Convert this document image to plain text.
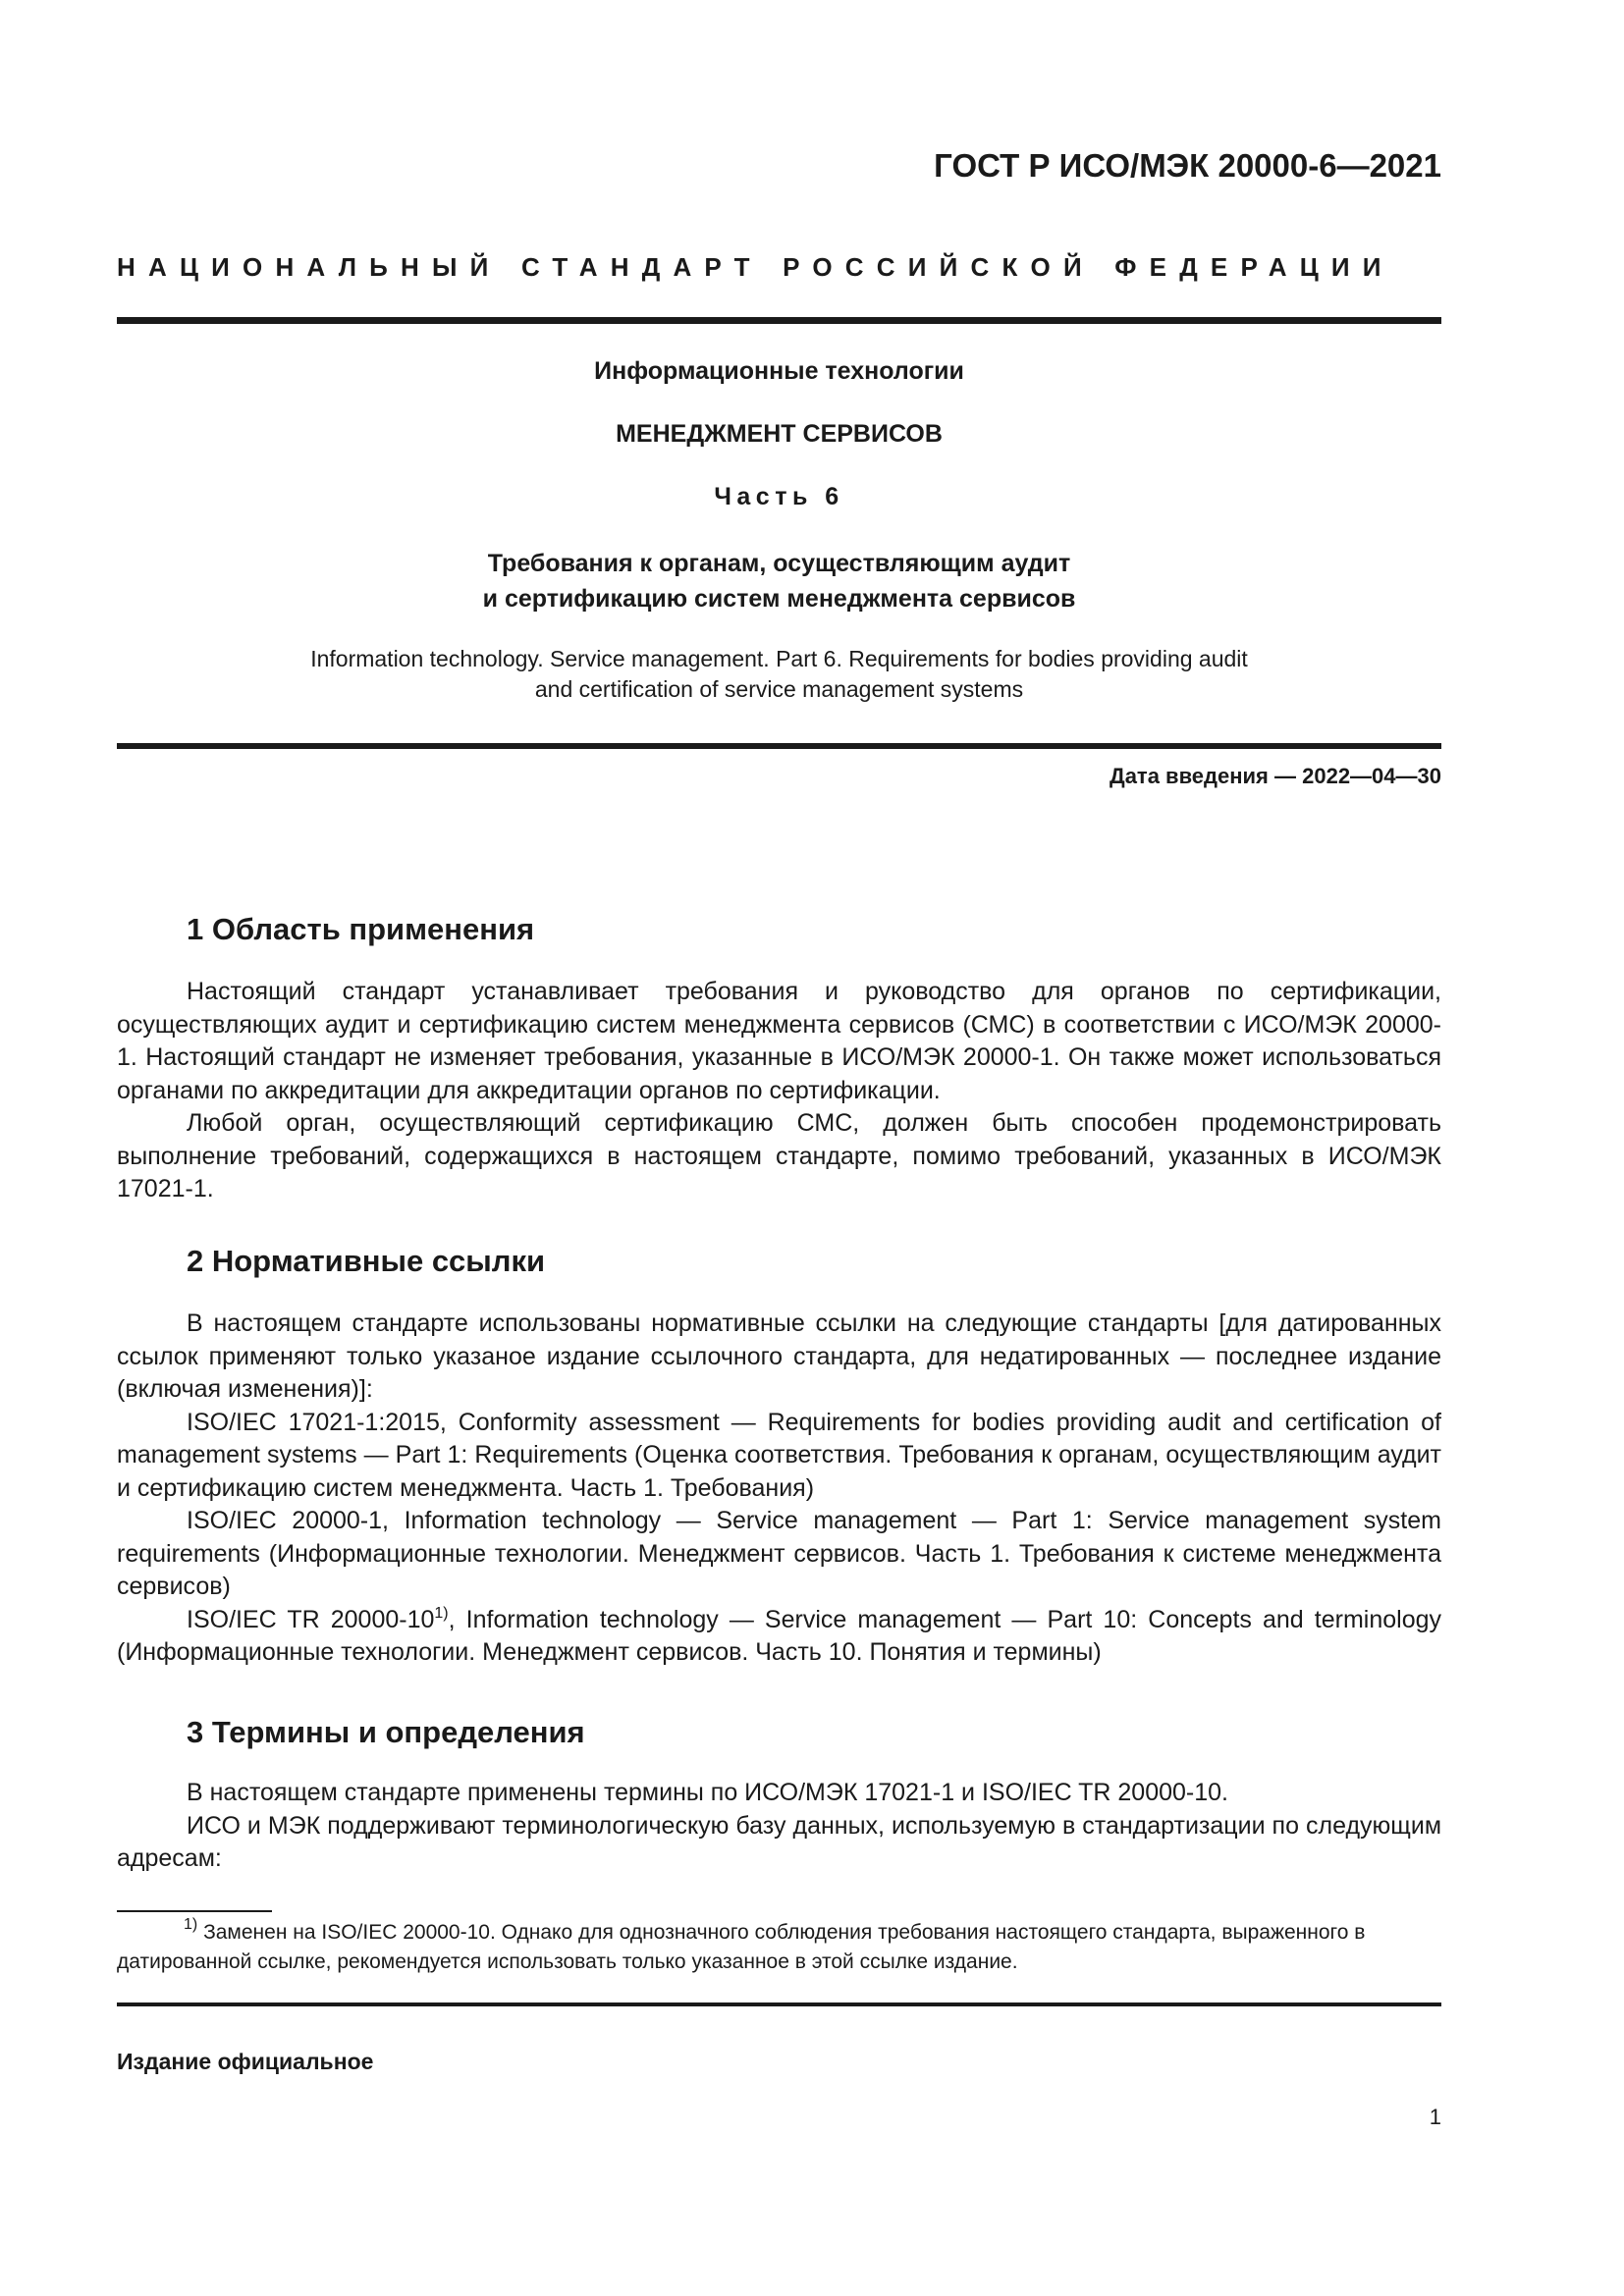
ГОСТ Р ИСО/МЭК 20000-6—2021
НАЦИОНАЛЬНЫЙ СТАНДАРТ РОССИЙСКОЙ ФЕДЕРАЦИИ
Информационные технологии
МЕНЕДЖМЕНТ СЕРВИСОВ
Часть 6
Требования к органам, осуществляющим аудит
и сертификацию систем менеджмента сервисов
Information technology. Service management. Part 6. Requirements for bodies providing audit
and certification of service management systems
Дата введения — 2022—04—30
1 Область применения

Настоящий стандарт устанавливает требования и руководство для органов по сертификации, осуществляющих аудит и сертификацию систем менеджмента сервисов (СМС) в соответствии с ИСО/МЭК 20000-1. Настоящий стандарт не изменяет требования, указанные в ИСО/МЭК 20000-1. Он также может использоваться органами по аккредитации для аккредитации органов по сертификации.

Любой орган, осуществляющий сертификацию СМС, должен быть способен продемонстрировать выполнение требований, содержащихся в настоящем стандарте, помимо требований, указанных в ИСО/МЭК 17021-1.

2 Нормативные ссылки

В настоящем стандарте использованы нормативные ссылки на следующие стандарты [для датированных ссылок применяют только указаное издание ссылочного стандарта, для недатированных — последнее издание (включая изменения)]:

ISO/IEC 17021-1:2015, Conformity assessment — Requirements for bodies providing audit and certification of management systems — Part 1: Requirements (Оценка соответствия. Требования к органам, осуществляющим аудит и сертификацию систем менеджмента. Часть 1. Требования)

ISO/IEC 20000-1, Information technology — Service management — Part 1: Service management system requirements (Информационные технологии. Менеджмент сервисов. Часть 1. Требования к системе менеджмента сервисов)

ISO/IEC TR 20000-10$^{1)}$, Information technology — Service management — Part 10: Concepts and terminology (Информационные технологии. Менеджмент сервисов. Часть 10. Понятия и термины)

3 Термины и определения

В настоящем стандарте применены термины по ИСО/МЭК 17021-1 и ISO/IEC TR 20000-10.

ИСО и МЭК поддерживают терминологическую базу данных, используемую в стандартизации по следующим адресам:

$^{1)}$ Заменен на ISO/IEC 20000-10. Однако для однозначного соблюдения требования настоящего стандарта, выраженного в датированной ссылке, рекомендуется использовать только указанное в этой ссылке издание.
Издание официальное
1
